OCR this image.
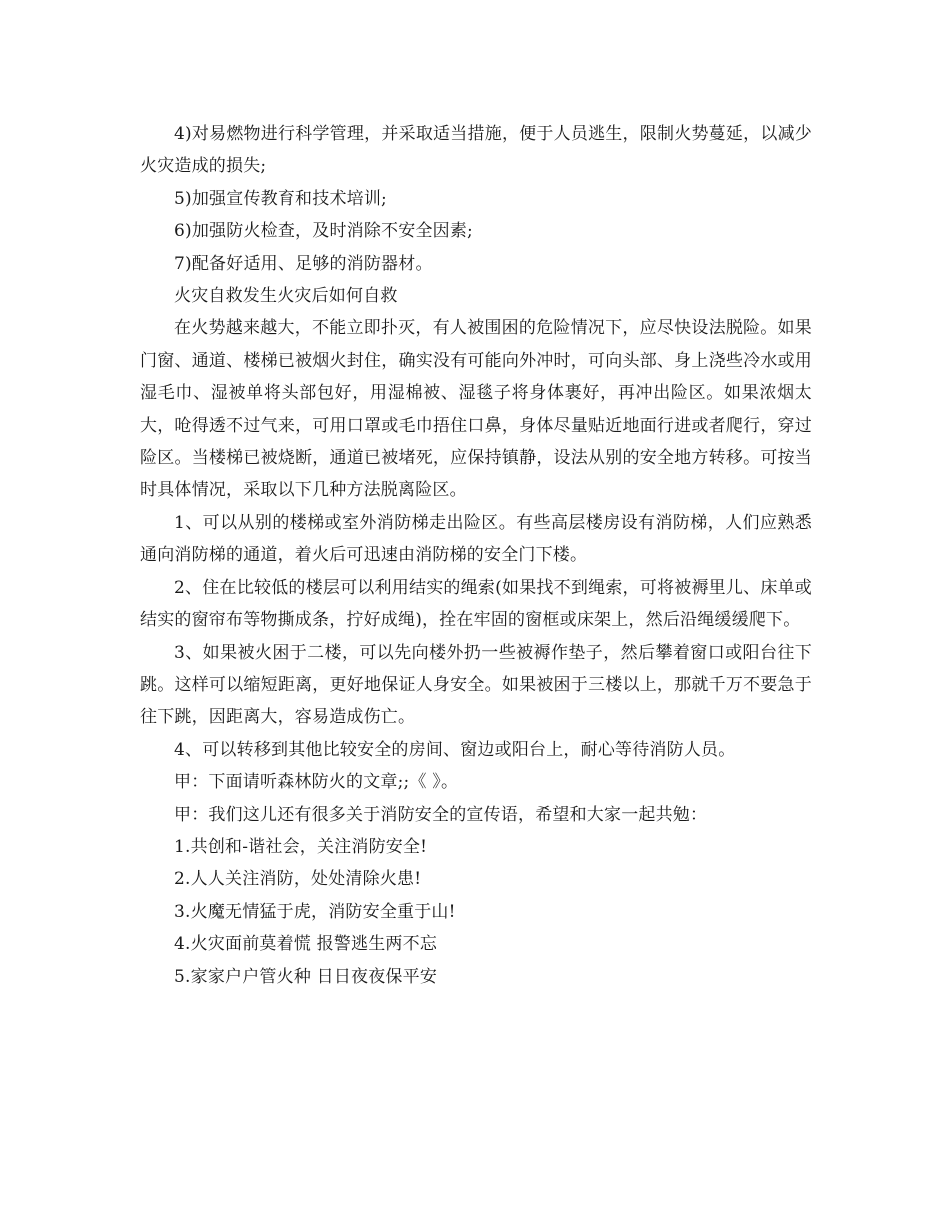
4)对易燃物进行科学管理，并采取适当措施，便于人员逃生，限制火势蔓延，以减少火灾造成的损失;

5)加强宣传教育和技术培训;

6)加强防火检查，及时消除不安全因素;

7)配备好适用、足够的消防器材。

火灾自救发生火灾后如何自救

在火势越来越大，不能立即扑灭，有人被围困的危险情况下，应尽快设法脱险。如果门窗、通道、楼梯已被烟火封住，确实没有可能向外冲时，可向头部、身上浇些冷水或用湿毛巾、湿被单将头部包好，用湿棉被、湿毯子将身体裹好，再冲出险区。如果浓烟太大，呛得透不过气来，可用口罩或毛巾捂住口鼻，身体尽量贴近地面行进或者爬行，穿过险区。当楼梯已被烧断，通道已被堵死，应保持镇静，设法从别的安全地方转移。可按当时具体情况，采取以下几种方法脱离险区。

1、可以从别的楼梯或室外消防梯走出险区。有些高层楼房设有消防梯，人们应熟悉通向消防梯的通道，着火后可迅速由消防梯的安全门下楼。

2、住在比较低的楼层可以利用结实的绳索(如果找不到绳索，可将被褥里儿、床单或结实的窗帘布等物撕成条，拧好成绳)，拴在牢固的窗框或床架上，然后沿绳缓缓爬下。

3、如果被火困于二楼，可以先向楼外扔一些被褥作垫子，然后攀着窗口或阳台往下跳。这样可以缩短距离，更好地保证人身安全。如果被困于三楼以上，那就千万不要急于往下跳，因距离大，容易造成伤亡。

4、可以转移到其他比较安全的房间、窗边或阳台上，耐心等待消防人员。

甲：下面请听森林防火的文章;;《 》。

甲：我们这儿还有很多关于消防安全的宣传语，希望和大家一起共勉：

1.共创和-谐社会，关注消防安全!

2.人人关注消防，处处清除火患!

3.火魔无情猛于虎，消防安全重于山!

4.火灾面前莫着慌 报警逃生两不忘

5.家家户户管火种 日日夜夜保平安
